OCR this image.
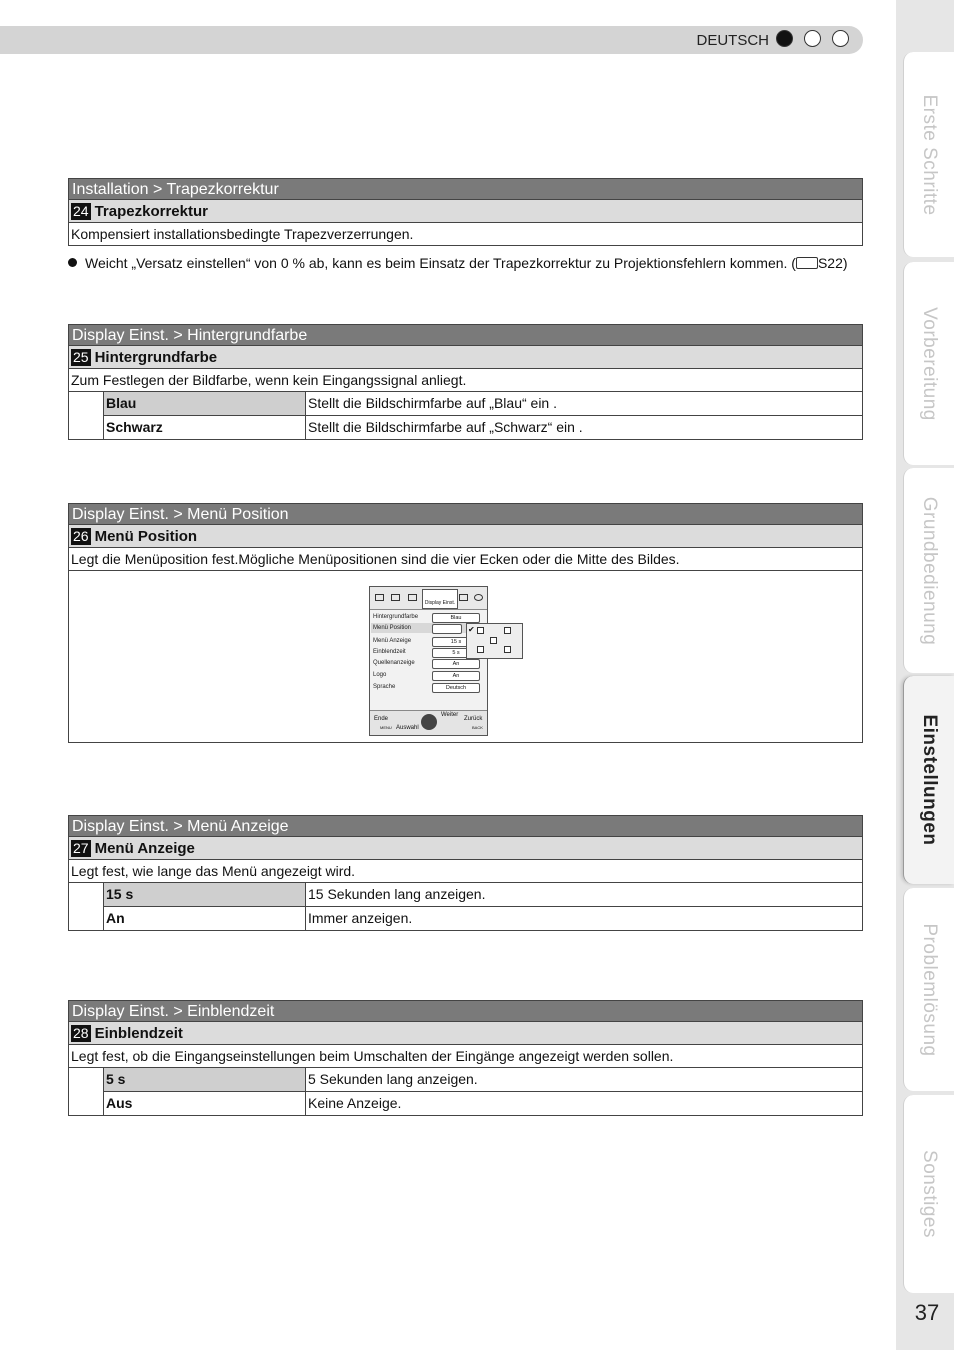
DEUTSCH
Erste Schritte
Vorbereitung
Grundbedienung
Einstellungen
Problemlösung
Sonstiges
37
Installation > Trapezkorrektur
24 Trapezkorrektur
Kompensiert installationsbedingte Trapezverzerrungen.
Weicht „Versatz einstellen“ von 0 % ab, kann es beim Einsatz der Trapezkorrektur zu Projektionsfehlern kommen. ( S22)
Display Einst. > Hintergrundfarbe
25 Hintergrundfarbe
Zum Festlegen der Bildfarbe, wenn kein Eingangssignal anliegt.
Blau	Stellt die Bildschirmfarbe auf „Blau“ ein .
Schwarz	Stellt die Bildschirmfarbe auf „Schwarz“ ein .
Display Einst. > Menü Position
26 Menü Position
Legt die Menüposition fest.Mögliche Menüpositionen sind die vier Ecken oder die Mitte des Bildes.
Display Einst.
Hintergrundfarbe	Blau
Menü Position
Menü Anzeige	15 s
Einblendzeit	5 s
Quellenanzeige	An
Logo	An
Sprache	Deutsch
Ende
MENU Auswahl
Weiter
Zurück
BACK
✔
Display Einst. > Menü Anzeige
27 Menü Anzeige
Legt fest, wie lange das Menü angezeigt wird.
15 s	15 Sekunden lang anzeigen.
An	Immer anzeigen.
Display Einst. > Einblendzeit
28 Einblendzeit
Legt fest, ob die Eingangseinstellungen beim Umschalten der Eingänge angezeigt werden sollen.
5 s	5 Sekunden lang anzeigen.
Aus	Keine Anzeige.
